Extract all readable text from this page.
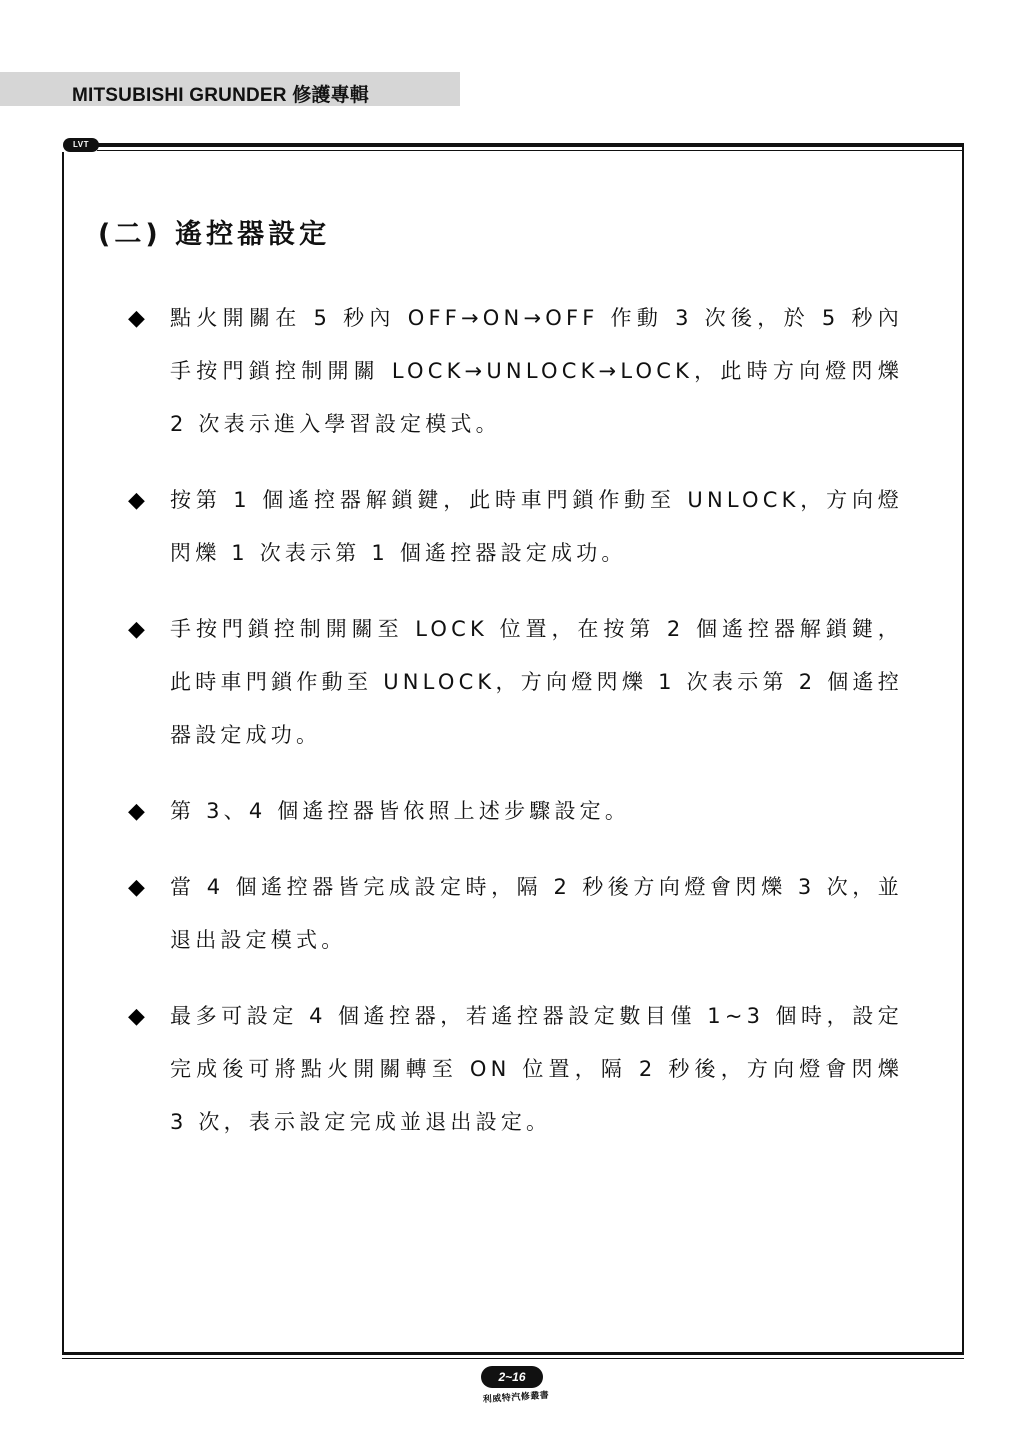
MITSUBISHI GRUNDER 修護專輯
LVT
(二) 遙控器設定
◆ 點火開關在 5 秒內 OFF→ON→OFF 作動 3 次後，於 5 秒內手按門鎖控制開關 LOCK→UNLOCK→LOCK，此時方向燈閃爍 2 次表示進入學習設定模式。
◆ 按第 1 個遙控器解鎖鍵，此時車門鎖作動至 UNLOCK，方向燈閃爍 1 次表示第 1 個遙控器設定成功。
◆ 手按門鎖控制開關至 LOCK 位置，在按第 2 個遙控器解鎖鍵，此時車門鎖作動至 UNLOCK，方向燈閃爍 1 次表示第 2 個遙控器設定成功。
◆ 第 3、4 個遙控器皆依照上述步驟設定。
◆ 當 4 個遙控器皆完成設定時，隔 2 秒後方向燈會閃爍 3 次，並退出設定模式。
◆ 最多可設定 4 個遙控器，若遙控器設定數目僅 1~3 個時，設定完成後可將點火開關轉至 ON 位置，隔 2 秒後，方向燈會閃爍 3 次，表示設定完成並退出設定。
2~16
利威特汽修叢書
